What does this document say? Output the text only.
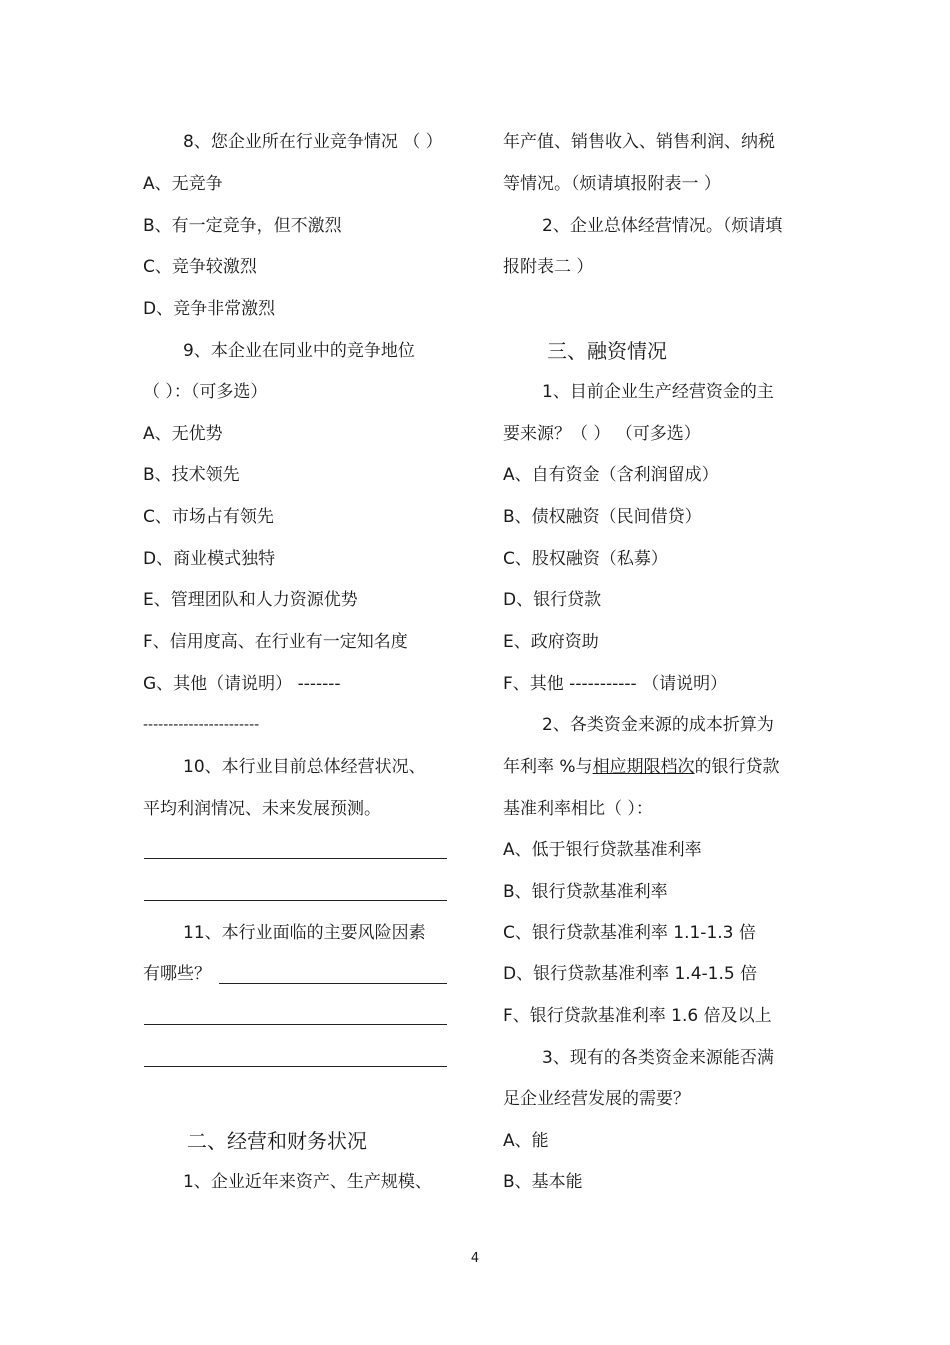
8、您企业所在行业竞争情况 （ ）
A、无竞争
B、有一定竞争，但不激烈
C、竞争较激烈
D、竞争非常激烈
9、本企业在同业中的竞争地位
（ ）：（可多选）
A、无优势
B、技术领先
C、市场占有领先
D、商业模式独特
E、管理团队和人力资源优势
F、信用度高、在行业有一定知名度
G、其他（请说明） -------
-----------------------
10、本行业目前总体经营状况、
平均利润情况、未来发展预测。
11、本行业面临的主要风险因素
有哪些？
二、经营和财务状况
1、企业近年来资产、生产规模、
年产值、销售收入、销售利润、纳税
等情况。（烦请填报附表一 ）
2、企业总体经营情况。（烦请填
报附表二 ）
三、融资情况
1、目前企业生产经营资金的主
要来源？（ ） （可多选）
A、自有资金（含利润留成）
B、债权融资（民间借贷）
C、股权融资（私募）
D、银行贷款
E、政府资助
F、其他 ----------- （请说明）
2、各类资金来源的成本折算为
年利率 %与相应期限档次的银行贷款
基准利率相比（ ）：
A、低于银行贷款基准利率
B、银行贷款基准利率
C、银行贷款基准利率 1.1-1.3 倍
D、银行贷款基准利率 1.4-1.5 倍
F、银行贷款基准利率 1.6 倍及以上
3、现有的各类资金来源能否满
足企业经营发展的需要？
A、能
B、基本能
4
